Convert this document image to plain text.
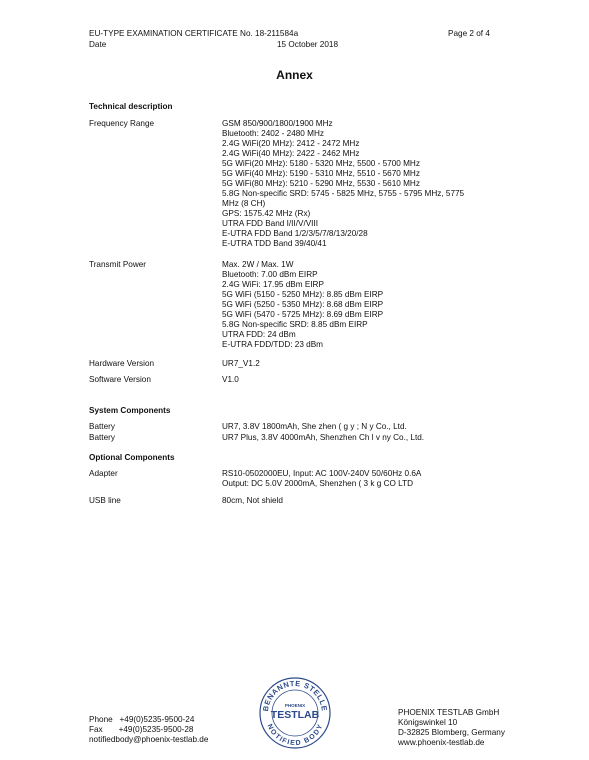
EU-TYPE EXAMINATION CERTIFICATE No. 18-211584a	Page 2 of 4
Date	15 October 2018
Annex
Technical description
Frequency Range	GSM 850/900/1800/1900 MHz
Bluetooth: 2402 - 2480 MHz
2.4G WiFi(20 MHz): 2412 - 2472 MHz
2.4G WiFi(40 MHz): 2422 - 2462 MHz
5G WiFi(20 MHz): 5180 - 5320 MHz, 5500 - 5700 MHz
5G WiFi(40 MHz): 5190 - 5310 MHz, 5510 - 5670 MHz
5G WiFi(80 MHz): 5210 - 5290 MHz, 5530 - 5610 MHz
5.8G Non-specific SRD: 5745 - 5825 MHz, 5755 - 5795 MHz, 5775
MHz (8 CH)
GPS: 1575.42 MHz (Rx)
UTRA FDD Band I/II/V/VIII
E-UTRA FDD Band 1/2/3/5/7/8/13/20/28
E-UTRA TDD Band 39/40/41
Transmit Power	Max. 2W / Max. 1W
Bluetooth: 7.00 dBm EIRP
2.4G WiFi: 17.95 dBm EIRP
5G WiFi (5150 - 5250 MHz): 8.85 dBm EIRP
5G WiFi (5250 - 5350 MHz): 8.68 dBm EIRP
5G WiFi (5470 - 5725 MHz): 8.69 dBm EIRP
5.8G Non-specific SRD: 8.85 dBm EIRP
UTRA FDD: 24 dBm
E-UTRA FDD/TDD: 23 dBm
Hardware Version	UR7_V1.2
Software Version	V1.0
System Components
Battery	UR7, 3.8V 1800mAh, She zhen ( g y ; N y Co., Ltd.
Battery	UR7 Plus, 3.8V 4000mAh, Shenzhen Ch l v ny Co., Ltd.
Optional Components
Adapter	RS10-0502000EU, Input: AC 100V-240V 50/60Hz 0.6A
Output: DC 5.0V 2000mA, Shenzhen ( 3 k g CO LTD
USB line	80cm, Not shield
BENANNTE STELLE
PHOENIX
TESTLAB
NOTIFIED BODY
Phone   +49(0)5235-9500-24
Fax       +49(0)5235-9500-28
notifiedbody@phoenix-testlab.de
PHOENIX TESTLAB GmbH
Königswinkel 10
D-32825 Blomberg, Germany
www.phoenix-testlab.de
